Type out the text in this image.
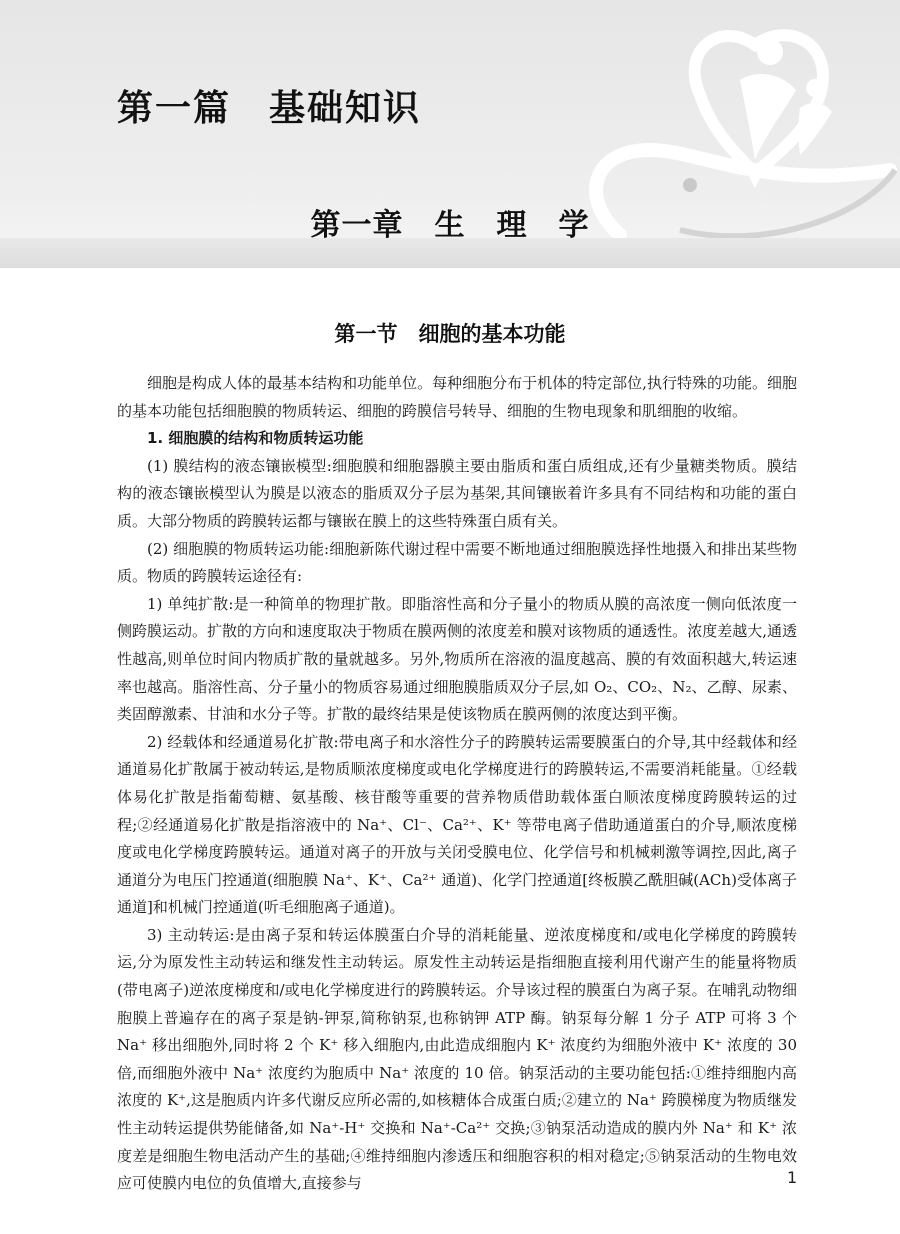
第一篇　基础知识
第一章　生　理　学
第一节　细胞的基本功能

细胞是构成人体的最基本结构和功能单位。每种细胞分布于机体的特定部位,执行特殊的功能。细胞的基本功能包括细胞膜的物质转运、细胞的跨膜信号转导、细胞的生物电现象和肌细胞的收缩。

1. 细胞膜的结构和物质转运功能

(1) 膜结构的液态镶嵌模型:细胞膜和细胞器膜主要由脂质和蛋白质组成,还有少量糖类物质。膜结构的液态镶嵌模型认为膜是以液态的脂质双分子层为基架,其间镶嵌着许多具有不同结构和功能的蛋白质。大部分物质的跨膜转运都与镶嵌在膜上的这些特殊蛋白质有关。

(2) 细胞膜的物质转运功能:细胞新陈代谢过程中需要不断地通过细胞膜选择性地摄入和排出某些物质。物质的跨膜转运途径有:

1) 单纯扩散:是一种简单的物理扩散。即脂溶性高和分子量小的物质从膜的高浓度一侧向低浓度一侧跨膜运动。扩散的方向和速度取决于物质在膜两侧的浓度差和膜对该物质的通透性。浓度差越大,通透性越高,则单位时间内物质扩散的量就越多。另外,物质所在溶液的温度越高、膜的有效面积越大,转运速率也越高。脂溶性高、分子量小的物质容易通过细胞膜脂质双分子层,如 O₂、CO₂、N₂、乙醇、尿素、类固醇激素、甘油和水分子等。扩散的最终结果是使该物质在膜两侧的浓度达到平衡。

2) 经载体和经通道易化扩散:带电离子和水溶性分子的跨膜转运需要膜蛋白的介导,其中经载体和经通道易化扩散属于被动转运,是物质顺浓度梯度或电化学梯度进行的跨膜转运,不需要消耗能量。①经载体易化扩散是指葡萄糖、氨基酸、核苷酸等重要的营养物质借助载体蛋白顺浓度梯度跨膜转运的过程;②经通道易化扩散是指溶液中的 Na⁺、Cl⁻、Ca²⁺、K⁺ 等带电离子借助通道蛋白的介导,顺浓度梯度或电化学梯度跨膜转运。通道对离子的开放与关闭受膜电位、化学信号和机械刺激等调控,因此,离子通道分为电压门控通道(细胞膜 Na⁺、K⁺、Ca²⁺ 通道)、化学门控通道[终板膜乙酰胆碱(ACh)受体离子通道]和机械门控通道(听毛细胞离子通道)。

3) 主动转运:是由离子泵和转运体膜蛋白介导的消耗能量、逆浓度梯度和/或电化学梯度的跨膜转运,分为原发性主动转运和继发性主动转运。原发性主动转运是指细胞直接利用代谢产生的能量将物质(带电离子)逆浓度梯度和/或电化学梯度进行的跨膜转运。介导该过程的膜蛋白为离子泵。在哺乳动物细胞膜上普遍存在的离子泵是钠-钾泵,简称钠泵,也称钠钾 ATP 酶。钠泵每分解 1 分子 ATP 可将 3 个 Na⁺ 移出细胞外,同时将 2 个 K⁺ 移入细胞内,由此造成细胞内 K⁺ 浓度约为细胞外液中 K⁺ 浓度的 30 倍,而细胞外液中 Na⁺ 浓度约为胞质中 Na⁺ 浓度的 10 倍。钠泵活动的主要功能包括:①维持细胞内高浓度的 K⁺,这是胞质内许多代谢反应所必需的,如核糖体合成蛋白质;②建立的 Na⁺ 跨膜梯度为物质继发性主动转运提供势能储备,如 Na⁺-H⁺ 交换和 Na⁺-Ca²⁺ 交换;③钠泵活动造成的膜内外 Na⁺ 和 K⁺ 浓度差是细胞生物电活动产生的基础;④维持细胞内渗透压和细胞容积的相对稳定;⑤钠泵活动的生物电效应可使膜内电位的负值增大,直接参与	1
